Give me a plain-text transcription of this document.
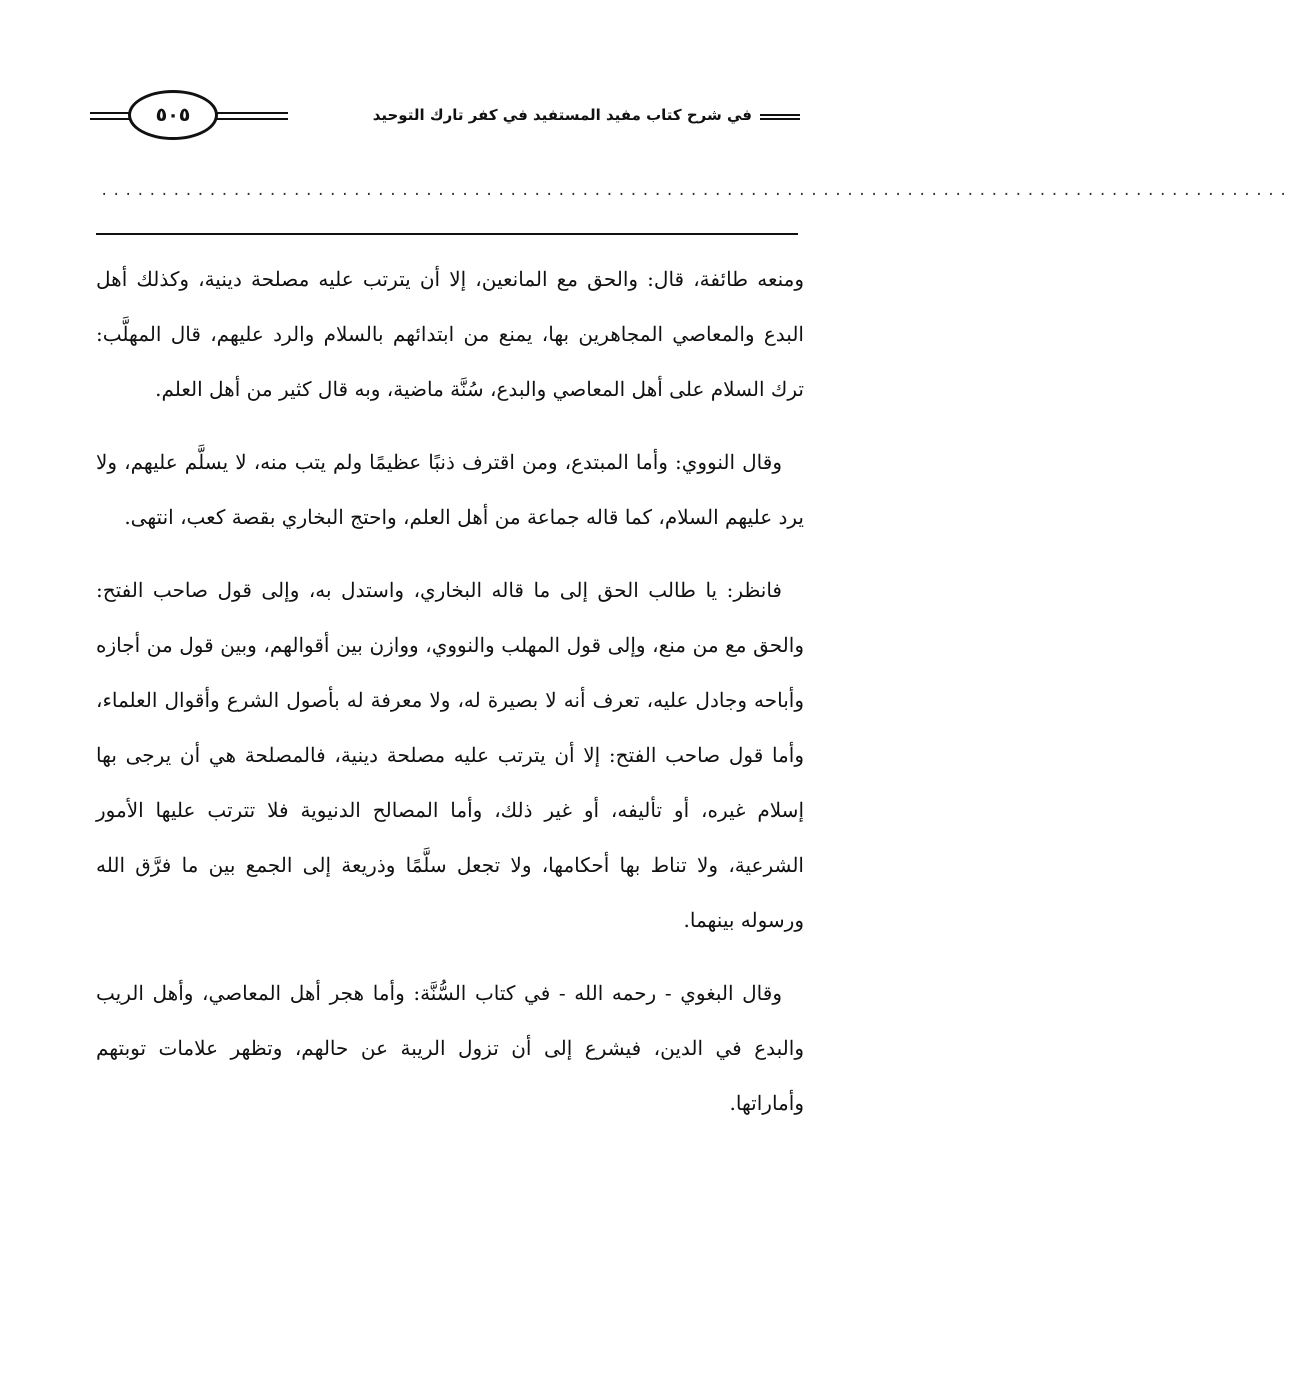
٥٠٥	في شرح كتاب مفيد المستفيد في كفر تارك التوحيد
...................................................................................................

ومنعه طائفة، قال: والحق مع المانعين، إلا أن يترتب عليه مصلحة دينية، وكذلك أهل البدع والمعاصي المجاهرين بها، يمنع من ابتدائهم بالسلام والرد عليهم، قال المهلَّب: ترك السلام على أهل المعاصي والبدع، سُنَّة ماضية، وبه قال كثير من أهل العلم.

وقال النووي: وأما المبتدع، ومن اقترف ذنبًا عظيمًا ولم يتب منه، لا يسلَّم عليهم، ولا يرد عليهم السلام، كما قاله جماعة من أهل العلم، واحتج البخاري بقصة كعب، انتهى.

فانظر: يا طالب الحق إلى ما قاله البخاري، واستدل به، وإلى قول صاحب الفتح: والحق مع من منع، وإلى قول المهلب والنووي، ووازن بين أقوالهم، وبين قول من أجازه وأباحه وجادل عليه، تعرف أنه لا بصيرة له، ولا معرفة له بأصول الشرع وأقوال العلماء، وأما قول صاحب الفتح: إلا أن يترتب عليه مصلحة دينية، فالمصلحة هي أن يرجى بها إسلام غيره، أو تأليفه، أو غير ذلك، وأما المصالح الدنيوية فلا تترتب عليها الأمور الشرعية، ولا تناط بها أحكامها، ولا تجعل سلَّمًا وذريعة إلى الجمع بين ما فرَّق الله ورسوله بينهما.

وقال البغوي - رحمه الله - في كتاب السُّنَّة: وأما هجر أهل المعاصي، وأهل الريب والبدع في الدين، فيشرع إلى أن تزول الريبة عن حالهم، وتظهر علامات توبتهم وأماراتها.
